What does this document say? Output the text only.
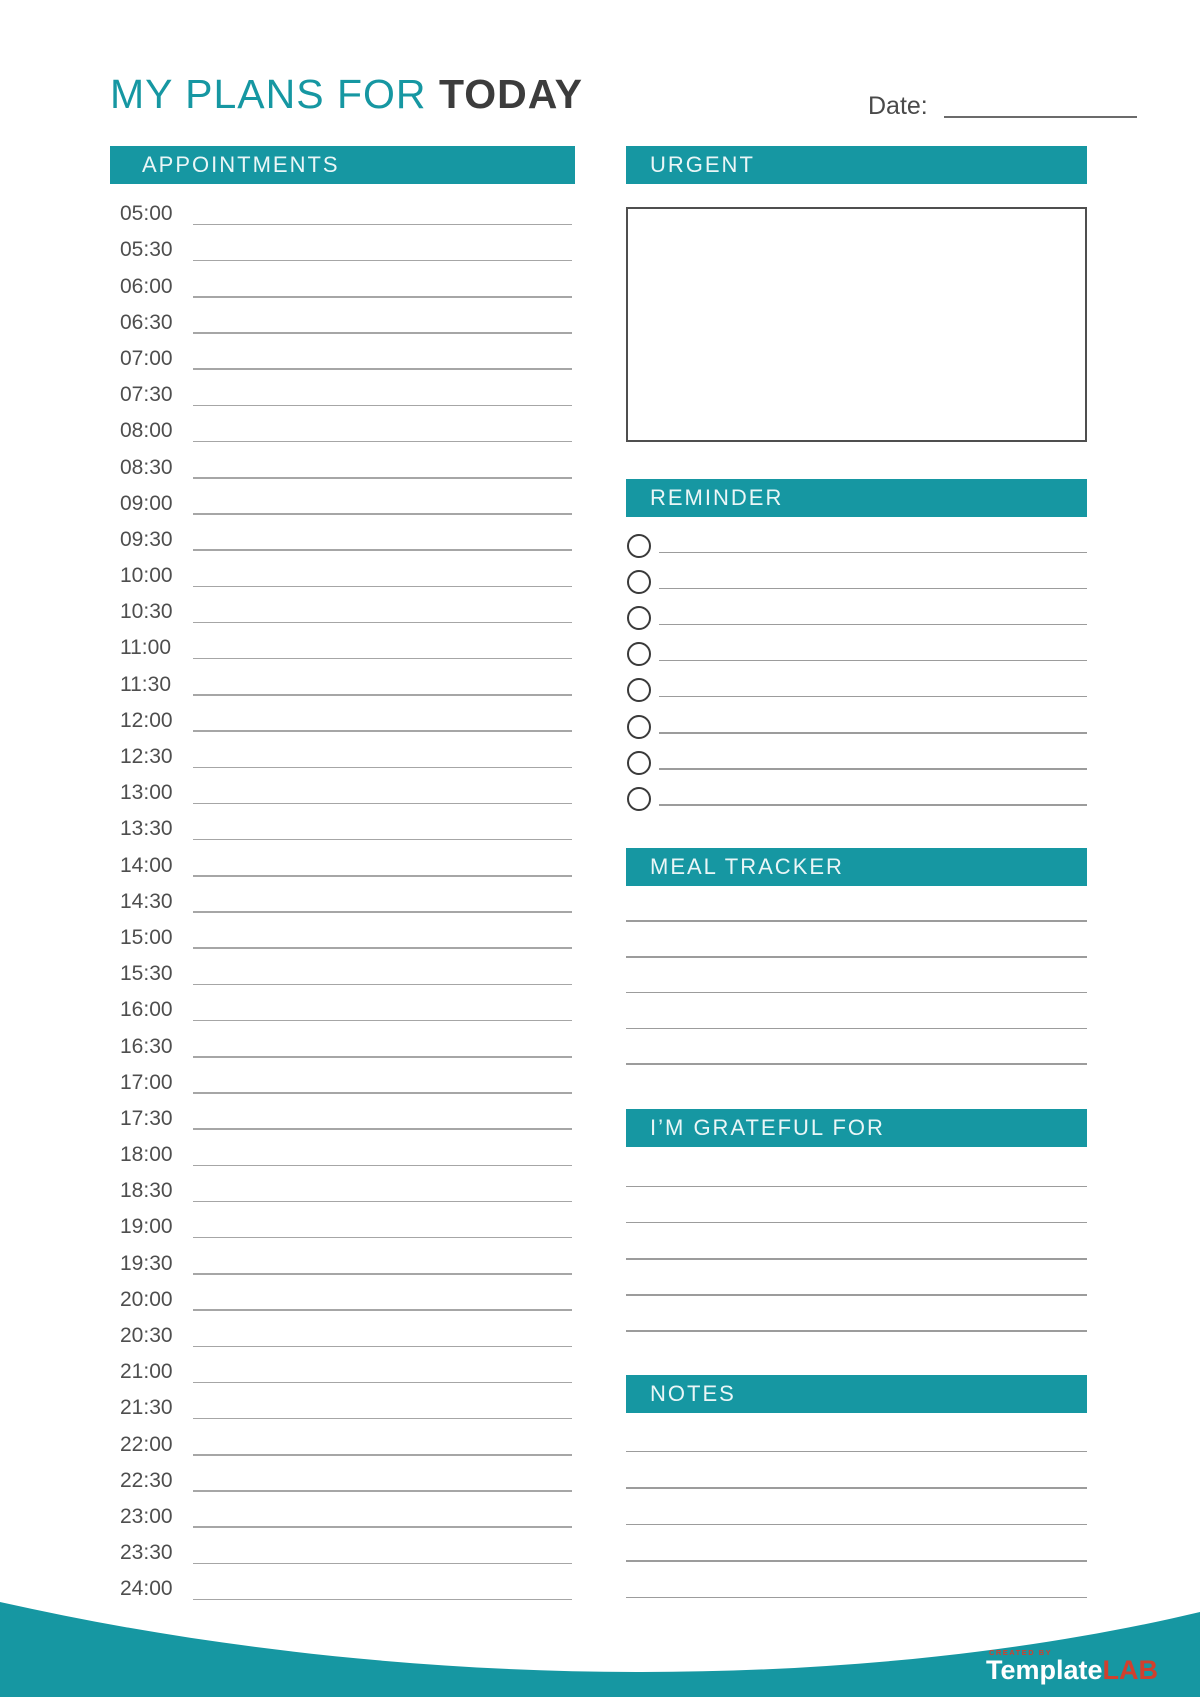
MY PLANS FOR TODAY	Date:
APPOINTMENTS
05:00
05:30
06:00
06:30
07:00
07:30
08:00
08:30
09:00
09:30
10:00
10:30
11:00
11:30
12:00
12:30
13:00
13:30
14:00
14:30
15:00
15:30
16:00
16:30
17:00
17:30
18:00
18:30
19:00
19:30
20:00
20:30
21:00
21:30
22:00
22:30
23:00
23:30
24:00
URGENT
REMINDER
MEAL TRACKER
I’M GRATEFUL FOR
NOTES
CREATED BY
TemplateLAB
